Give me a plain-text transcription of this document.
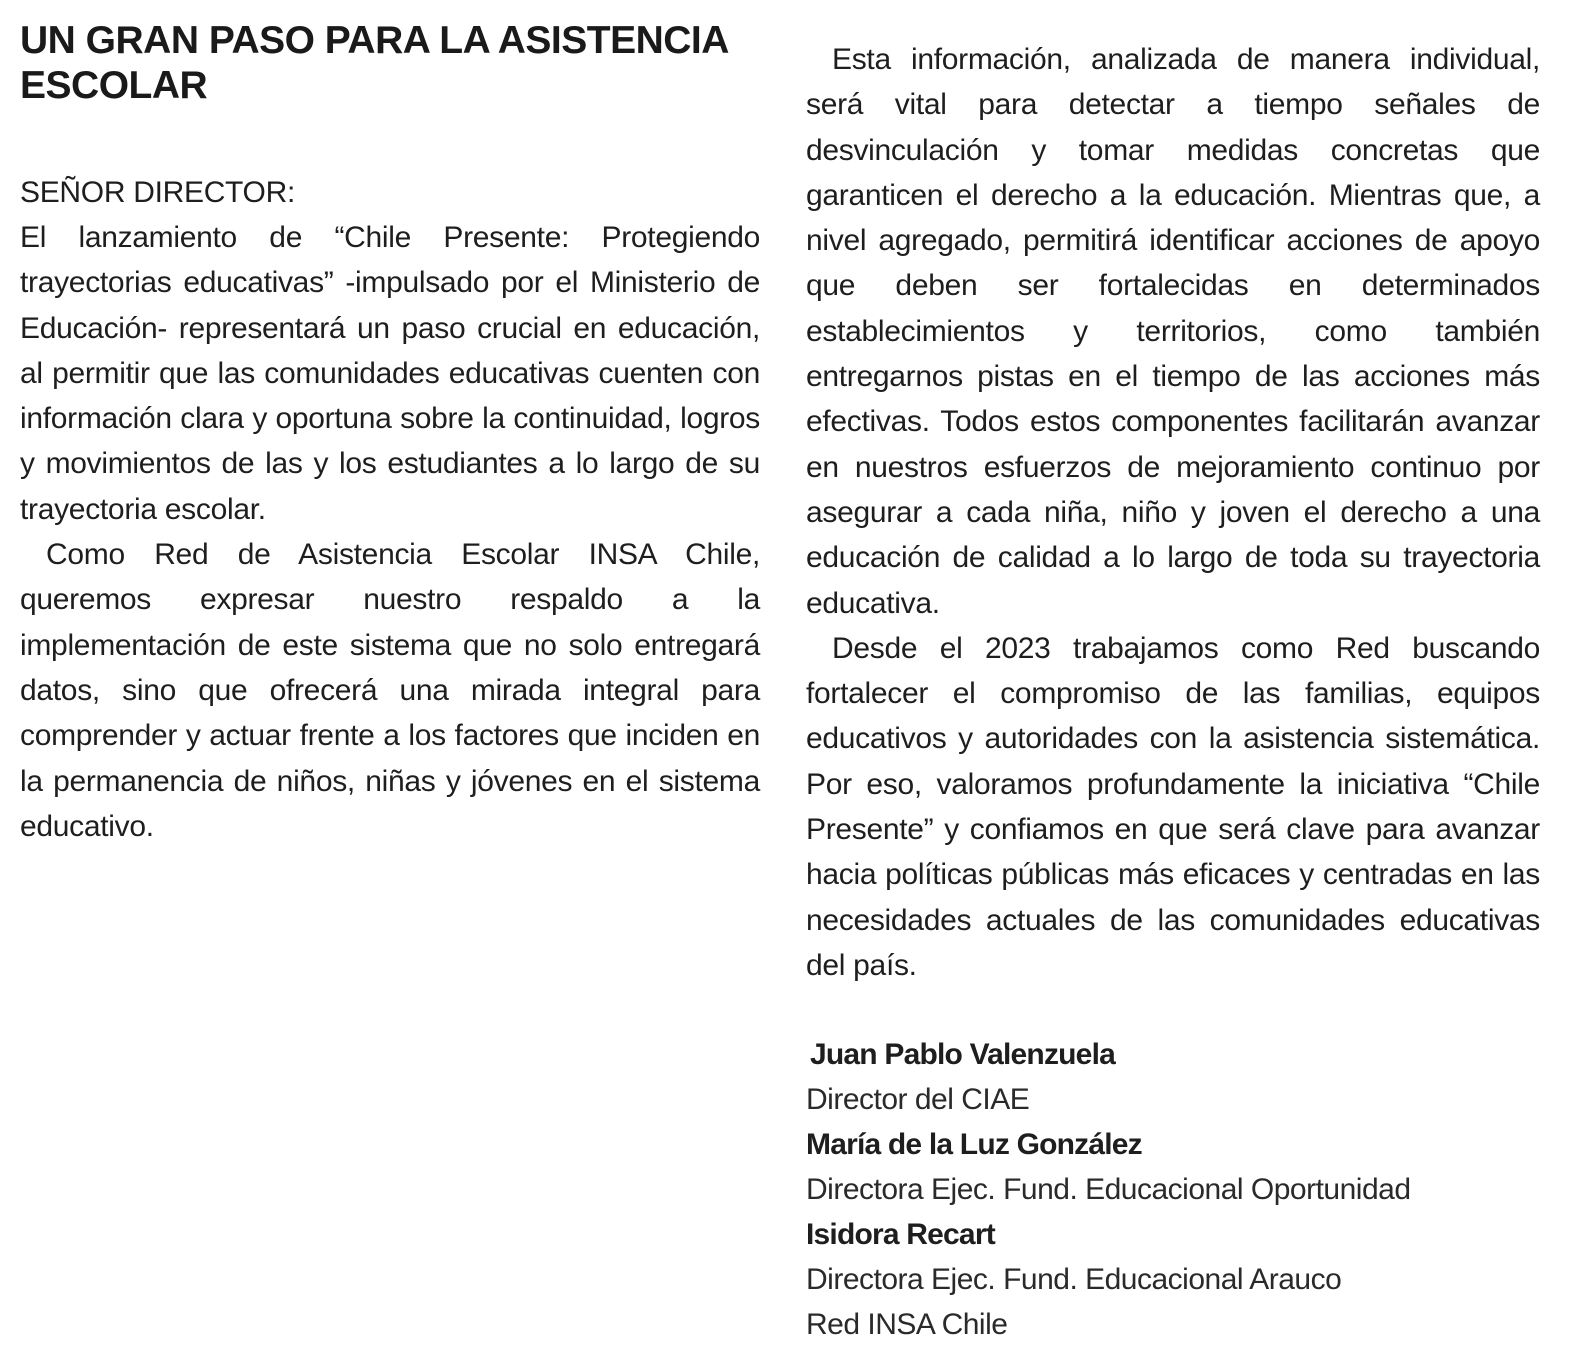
UN GRAN PASO PARA LA ASISTENCIA ESCOLAR

SEÑOR DIRECTOR:

El lanzamiento de “Chile Presente: Protegiendo trayectorias educativas” -impulsado por el Ministerio de Educación- representará un paso crucial en educación, al permitir que las comunidades educativas cuenten con información clara y oportuna sobre la continuidad, logros y movimientos de las y los estudiantes a lo largo de su trayectoria escolar.

Como Red de Asistencia Escolar INSA Chile, queremos expresar nuestro respaldo a la implementación de este sistema que no solo entregará datos, sino que ofrecerá una mirada integral para comprender y actuar frente a los factores que inciden en la permanencia de niños, niñas y jóvenes en el sistema educativo.

Esta información, analizada de manera individual, será vital para detectar a tiempo señales de desvinculación y tomar medidas concretas que garanticen el derecho a la educación. Mientras que, a nivel agregado, permitirá identificar acciones de apoyo que deben ser fortalecidas en determinados establecimientos y territorios, como también entregarnos pistas en el tiempo de las acciones más efectivas. Todos estos componentes facilitarán avanzar en nuestros esfuerzos de mejoramiento continuo por asegurar a cada niña, niño y joven el derecho a una educación de calidad a lo largo de toda su trayectoria educativa.

Desde el 2023 trabajamos como Red buscando fortalecer el compromiso de las familias, equipos educativos y autoridades con la asistencia sistemática. Por eso, valoramos profundamente la iniciativa “Chile Presente” y confiamos en que será clave para avanzar hacia políticas públicas más eficaces y centradas en las necesidades actuales de las comunidades educativas del país.

Juan Pablo Valenzuela

Director del CIAE

María de la Luz González

Directora Ejec. Fund. Educacional Oportunidad

Isidora Recart

Directora Ejec. Fund. Educacional Arauco

Red INSA Chile
